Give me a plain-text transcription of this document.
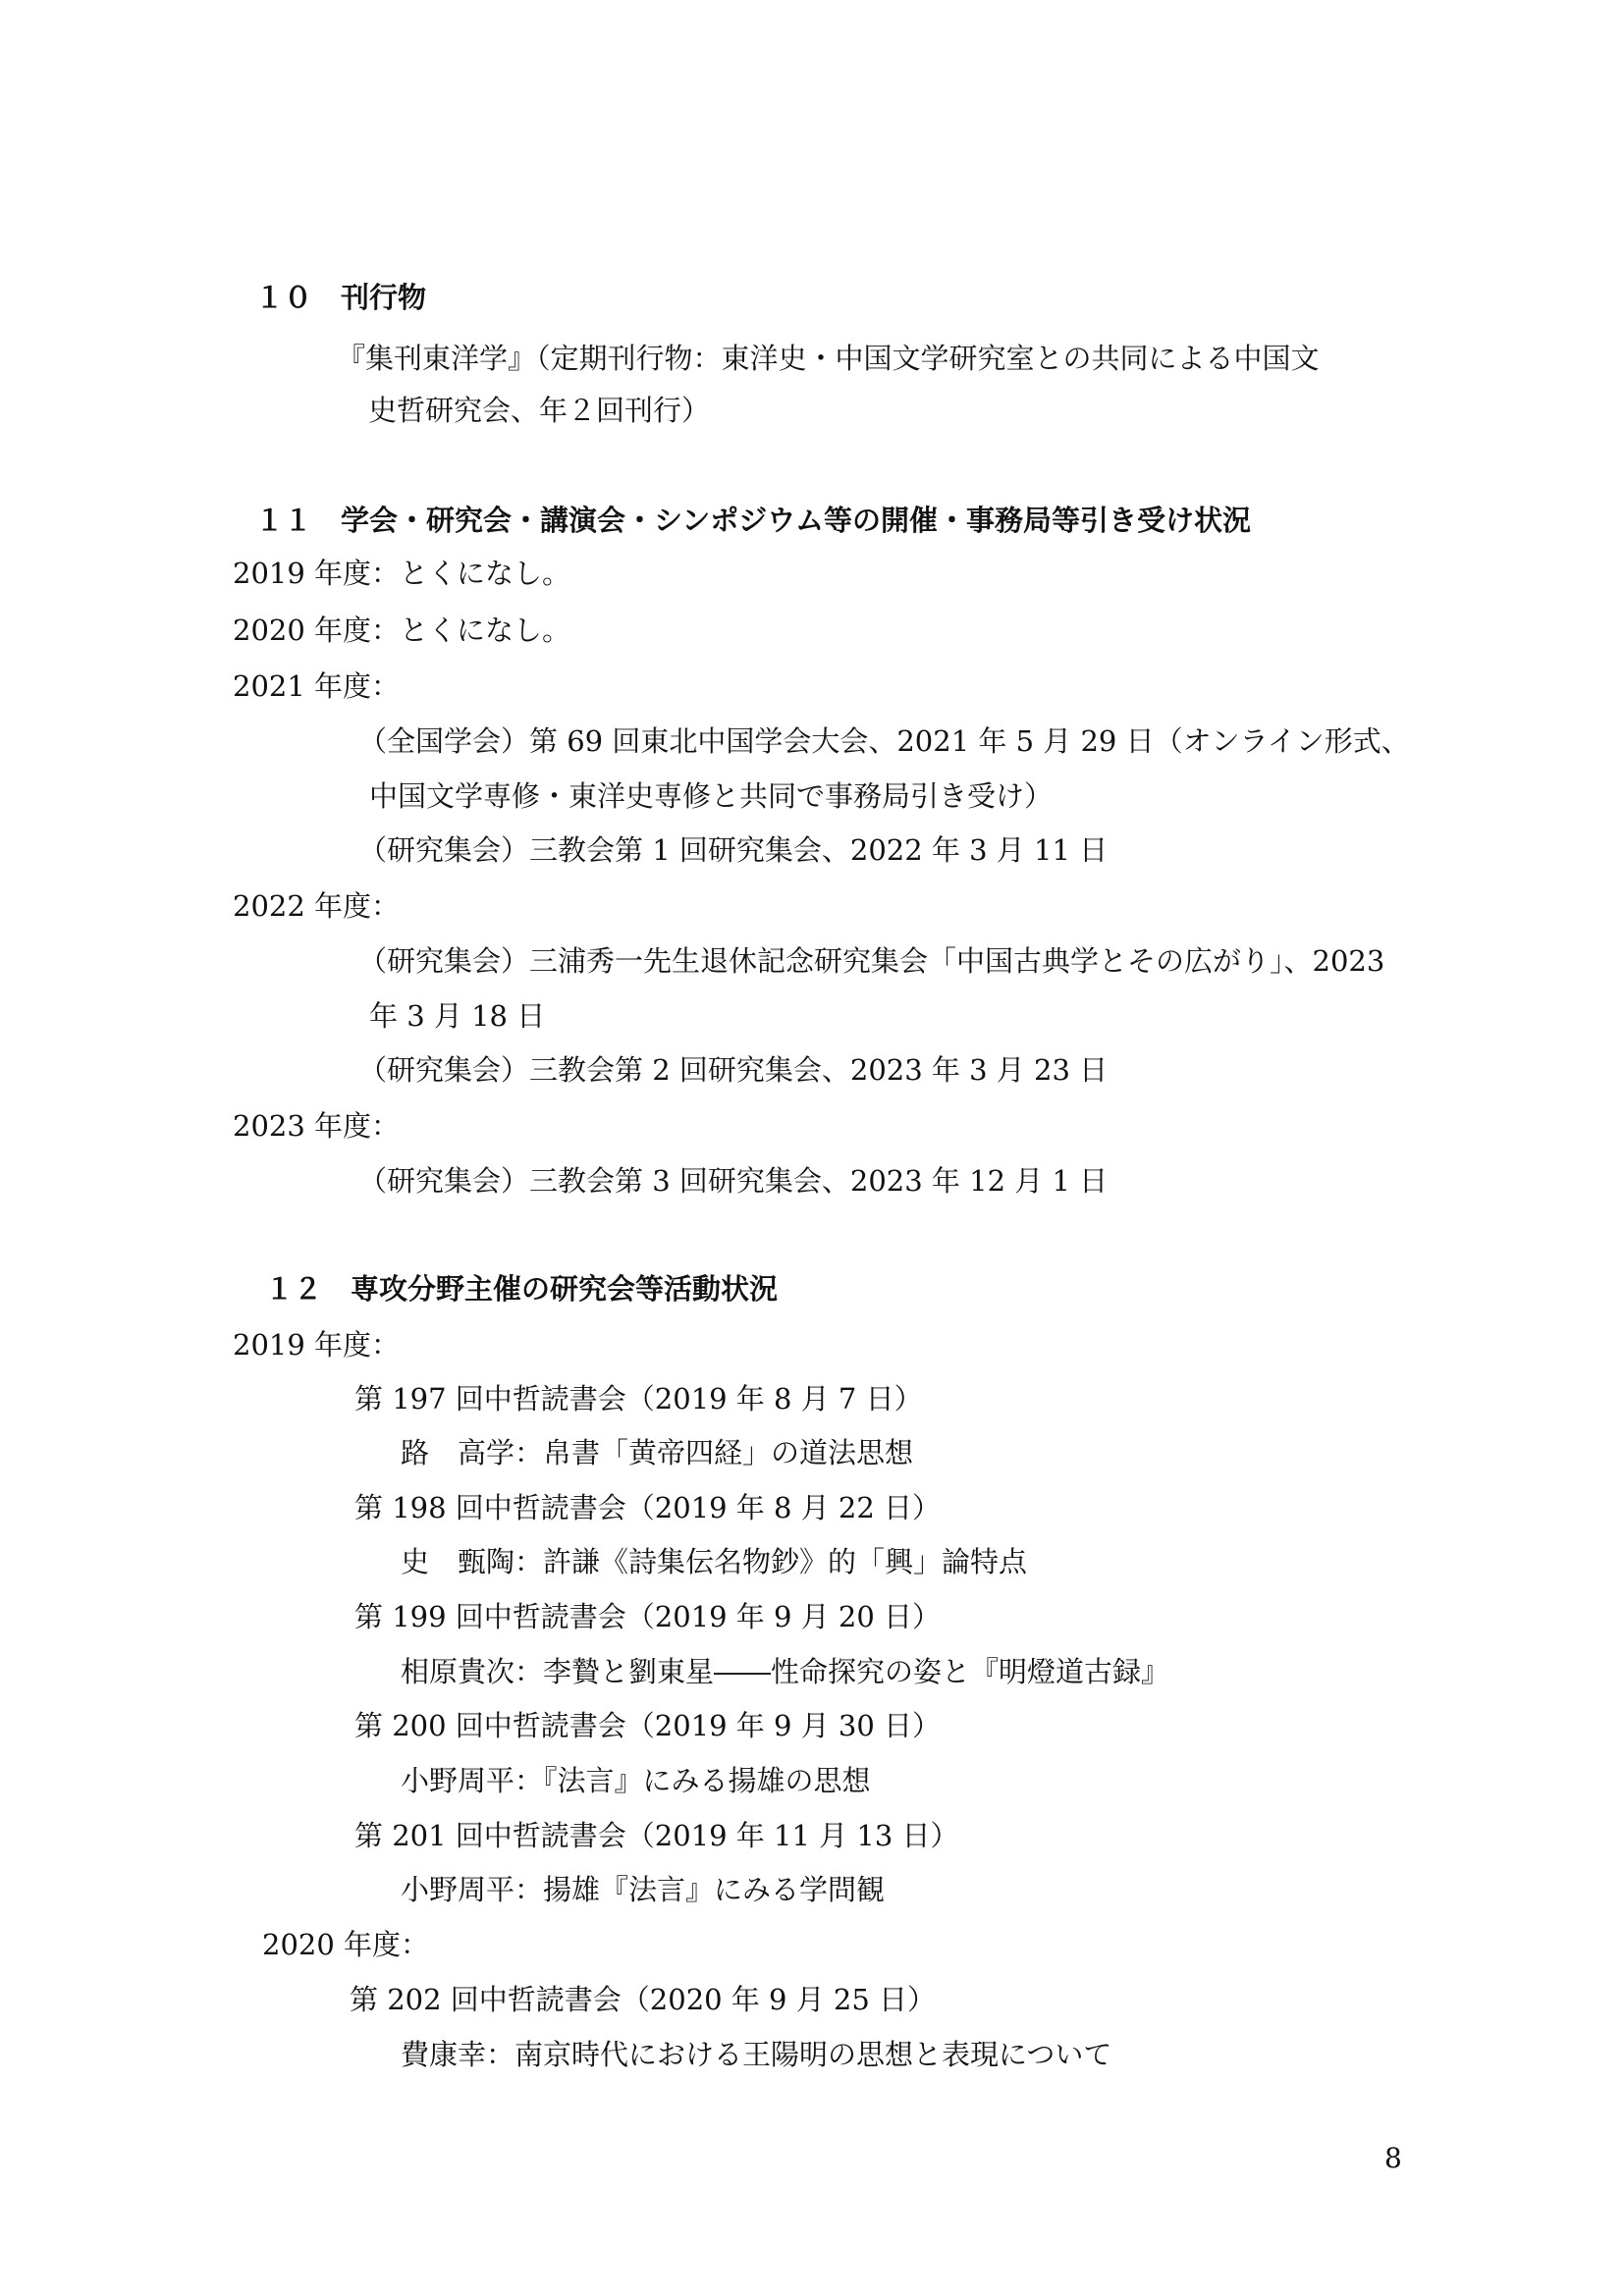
１０　刊行物
『集刊東洋学』（定期刊行物：東洋史・中国文学研究室との共同による中国文
史哲研究会、年２回刊行）
１１　学会・研究会・講演会・シンポジウム等の開催・事務局等引き受け状況
2019 年度：とくになし。
2020 年度：とくになし。
2021 年度：
（全国学会）第 69 回東北中国学会大会、2021 年 5 月 29 日（オンライン形式、
中国文学専修・東洋史専修と共同で事務局引き受け）
（研究集会）三教会第 1 回研究集会、2022 年 3 月 11 日
2022 年度：
（研究集会）三浦秀一先生退休記念研究集会「中国古典学とその広がり」、2023
年 3 月 18 日
（研究集会）三教会第 2 回研究集会、2023 年 3 月 23 日
2023 年度：
（研究集会）三教会第 3 回研究集会、2023 年 12 月 1 日
１２　専攻分野主催の研究会等活動状況
2019 年度：
第 197 回中哲読書会（2019 年 8 月 7 日）
路　高学：帛書「黄帝四経」の道法思想
第 198 回中哲読書会（2019 年 8 月 22 日）
史　甄陶：許謙《詩集伝名物鈔》的「興」論特点
第 199 回中哲読書会（2019 年 9 月 20 日）
相原貴次：李贄と劉東星――性命探究の姿と『明燈道古録』
第 200 回中哲読書会（2019 年 9 月 30 日）
小野周平：『法言』にみる揚雄の思想
第 201 回中哲読書会（2019 年 11 月 13 日）
小野周平：揚雄『法言』にみる学問観
2020 年度：
第 202 回中哲読書会（2020 年 9 月 25 日）
費康幸：南京時代における王陽明の思想と表現について
8
